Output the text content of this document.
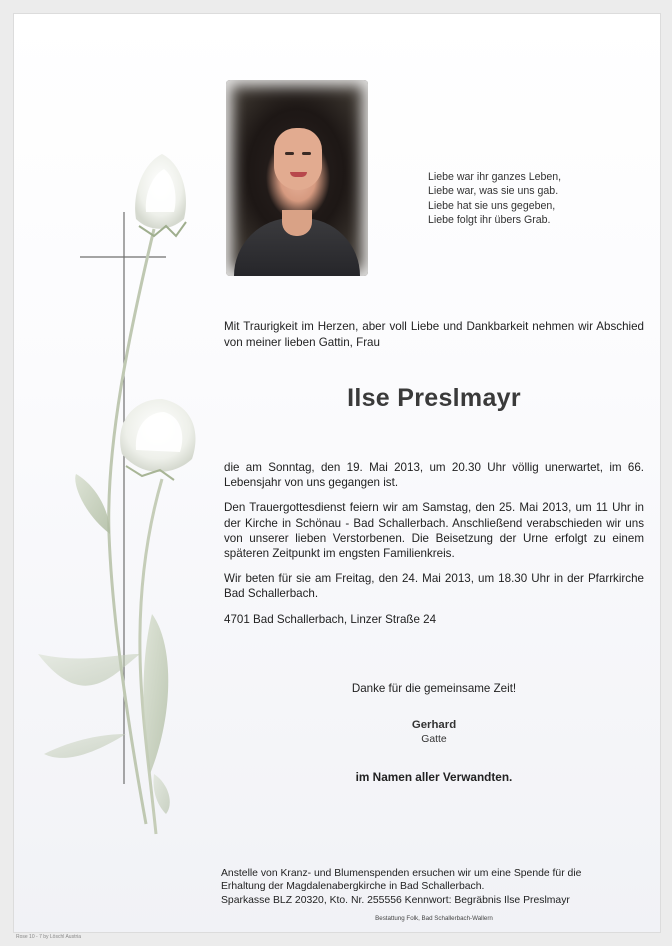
Liebe war ihr ganzes Leben,
Liebe war, was sie uns gab.
Liebe hat sie uns gegeben,
Liebe folgt ihr übers Grab.
Mit Traurigkeit im Herzen, aber voll Liebe und Dankbarkeit nehmen wir Abschied von meiner lieben Gattin, Frau
Ilse Preslmayr

die am Sonntag, den 19. Mai 2013, um 20.30 Uhr völlig unerwartet, im 66. Lebensjahr von uns gegangen ist.

Den Trauergottesdienst feiern wir am Samstag, den 25. Mai 2013, um 11 Uhr in der Kirche in Schönau - Bad Schallerbach. Anschließend verabschieden wir uns von unserer lieben Verstorbenen. Die Beisetzung der Urne erfolgt zu einem späteren Zeitpunkt im engsten Familienkreis.

Wir beten für sie am Freitag, den 24. Mai 2013, um 18.30 Uhr in der Pfarrkirche Bad Schallerbach.

4701 Bad Schallerbach, Linzer Straße 24

Danke für die gemeinsame Zeit!
Gerhard
Gatte
im Namen aller Verwandten.
Anstelle von Kranz- und Blumenspenden ersuchen wir um eine Spende für die
Erhaltung der Magdalenabergkirche in Bad Schallerbach.
Sparkasse BLZ 20320, Kto. Nr. 255556 Kennwort: Begräbnis Ilse Preslmayr
Bestattung Folk, Bad Schallerbach-Wallern
Rose 10 - 7 by Löschl Austria
